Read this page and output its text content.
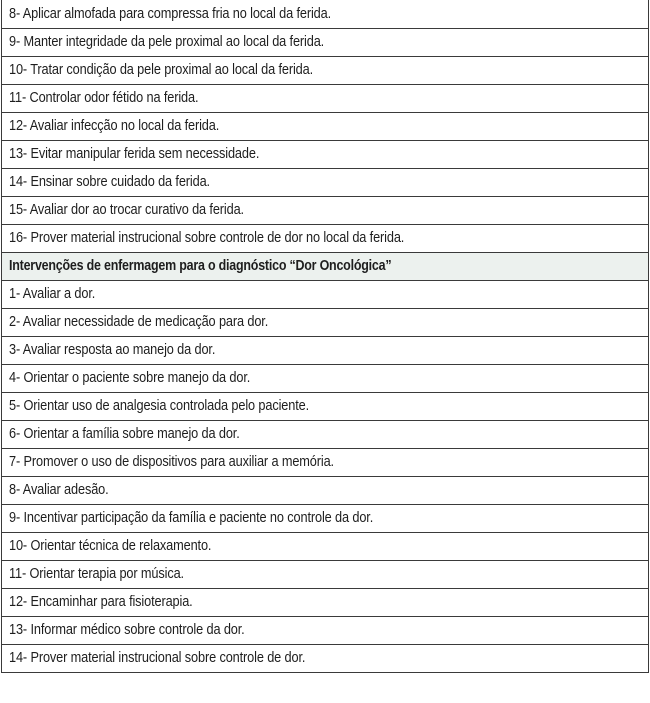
8- Aplicar almofada para compressa fria no local da ferida.
9- Manter integridade da pele proximal ao local da ferida.
10- Tratar condição da pele proximal ao local da ferida.
11- Controlar odor fétido na ferida.
12- Avaliar infecção no local da ferida.
13- Evitar manipular ferida sem necessidade.
14- Ensinar sobre cuidado da ferida.
15- Avaliar dor ao trocar curativo da ferida.
16- Prover material instrucional sobre controle de dor no local da ferida.
Intervenções de enfermagem para o diagnóstico “Dor Oncológica”
1- Avaliar a dor.
2- Avaliar necessidade de medicação para dor.
3- Avaliar resposta ao manejo da dor.
4- Orientar o paciente sobre manejo da dor.
5- Orientar uso de analgesia controlada pelo paciente.
6- Orientar a família sobre manejo da dor.
7- Promover o uso de dispositivos para auxiliar a memória.
8- Avaliar adesão.
9- Incentivar participação da família e paciente no controle da dor.
10- Orientar técnica de relaxamento.
11- Orientar terapia por música.
12- Encaminhar para fisioterapia.
13- Informar médico sobre controle da dor.
14- Prover material instrucional sobre controle de dor.
